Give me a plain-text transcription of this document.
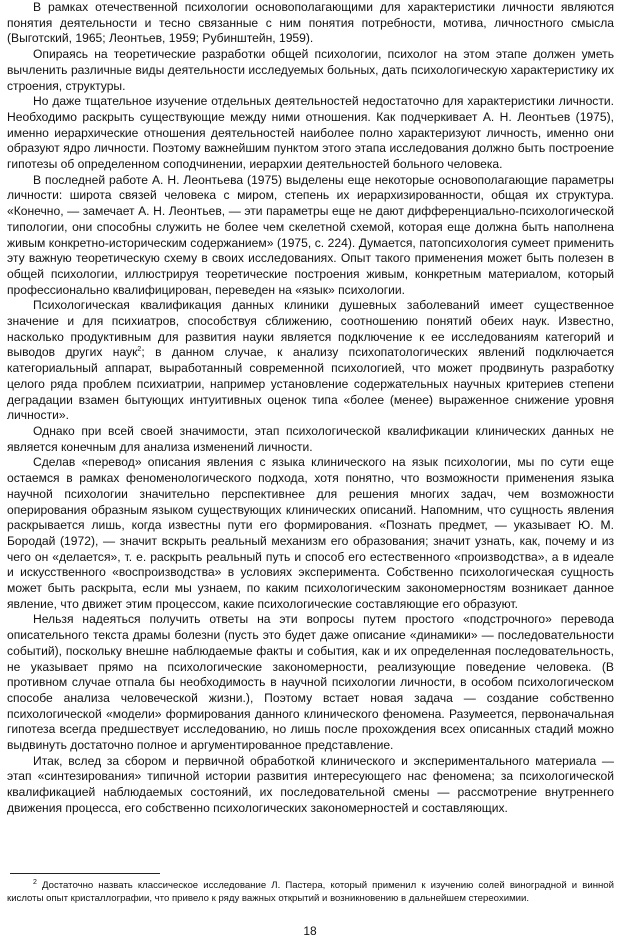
В рамках отечественной психологии основополагающими для характеристики личности являются понятия деятельности и тесно связанные с ним понятия потребности, мотива, личностного смысла (Выготский, 1965; Леонтьев, 1959; Рубинштейн, 1959).

Опираясь на теоретические разработки общей психологии, психолог на этом этапе должен уметь вычленить различные виды деятельности исследуемых больных, дать психологическую характеристику их строения, структуры.

Но даже тщательное изучение отдельных деятельностей недостаточно для характеристики личности. Необходимо раскрыть существующие между ними отношения. Как подчеркивает А. Н. Леонтьев (1975), именно иерархические отношения деятельностей наиболее полно характеризуют личность, именно они образуют ядро личности. Поэтому важнейшим пунктом этого этапа исследования должно быть построение гипотезы об определенном соподчинении, иерархии деятельностей больного человека.

В последней работе А. Н. Леонтьева (1975) выделены еще некоторые основополагающие параметры личности: широта связей человека с миром, степень их иерархизированности, общая их структура. «Конечно, — замечает А. Н. Леонтьев, — эти параметры еще не дают дифференциально-психологической типологии, они способны служить не более чем скелетной схемой, которая еще должна быть наполнена живым конкретно-историческим содержанием» (1975, с. 224). Думается, патопсихология сумеет применить эту важную теоретическую схему в своих исследованиях. Опыт такого применения может быть полезен в общей психологии, иллюстрируя теоретические построения живым, конкретным материалом, который профессионально квалифицирован, переведен на «язык» психологии.

Психологическая квалификация данных клиники душевных заболеваний имеет существенное значение и для психиатров, способствуя сближению, соотношению понятий обеих наук. Известно, насколько продуктивным для развития науки является подключение к ее исследованиям категорий и выводов других наук$^2$; в данном случае, к анализу психопатологических явлений подключается категориальный аппарат, выработанный современной психологией, что может продвинуть разработку целого ряда проблем психиатрии, например установление содержательных научных критериев степени деградации взамен бытующих интуитивных оценок типа «более (менее) выраженное снижение уровня личности».

Однако при всей своей значимости, этап психологической квалификации клинических данных не является конечным для анализа изменений личности.

Сделав «перевод» описания явления с языка клинического на язык психологии, мы по сути еще остаемся в рамках феноменологического подхода, хотя понятно, что возможности применения языка научной психологии значительно перспективнее для решения многих задач, чем возможности оперирования образным языком существующих клинических описаний. Напомним, что сущность явления раскрывается лишь, когда известны пути его формирования. «Познать предмет, — указывает Ю. М. Бородай (1972), — значит вскрыть реальный механизм его образования; значит узнать, как, почему и из чего он «делается», т. е. раскрыть реальный путь и способ его естественного «производства», а в идеале и искусственного «воспроизводства» в условиях эксперимента. Собственно психологическая сущность может быть раскрыта, если мы узнаем, по каким психологическим закономерностям возникает данное явление, что движет этим процессом, какие психологические составляющие его образуют.

Нельзя надеяться получить ответы на эти вопросы путем простого «подстрочного» перевода описательного текста драмы болезни (пусть это будет даже описание «динамики» — последовательности событий), поскольку внешне наблюдаемые факты и события, как и их определенная последовательность, не указывает прямо на психологические закономерности, реализующие поведение человека. (В противном случае отпала бы необходимость в научной психологии личности, в особом психологическом способе анализа человеческой жизни.), Поэтому встает новая задача — создание собственно психологической «модели» формирования данного клинического феномена. Разумеется, первоначальная гипотеза всегда предшествует исследованию, но лишь после прохождения всех описанных стадий можно выдвинуть достаточно полное и аргументированное представление.

Итак, вслед за сбором и первичной обработкой клинического и экспериментального материала — этап «синтезирования» типичной истории развития интересующего нас феномена; за психологической квалификацией наблюдаемых состояний, их последовательной смены — рассмотрение внутреннего движения процесса, его собственно психологических закономерностей и составляющих.

$^2$ Достаточно назвать классическое исследование Л. Пастера, который применил к изучению солей виноградной и винной кислоты опыт кристаллографии, что привело к ряду важных открытий и возникновению в дальнейшем стереохимии.

18
